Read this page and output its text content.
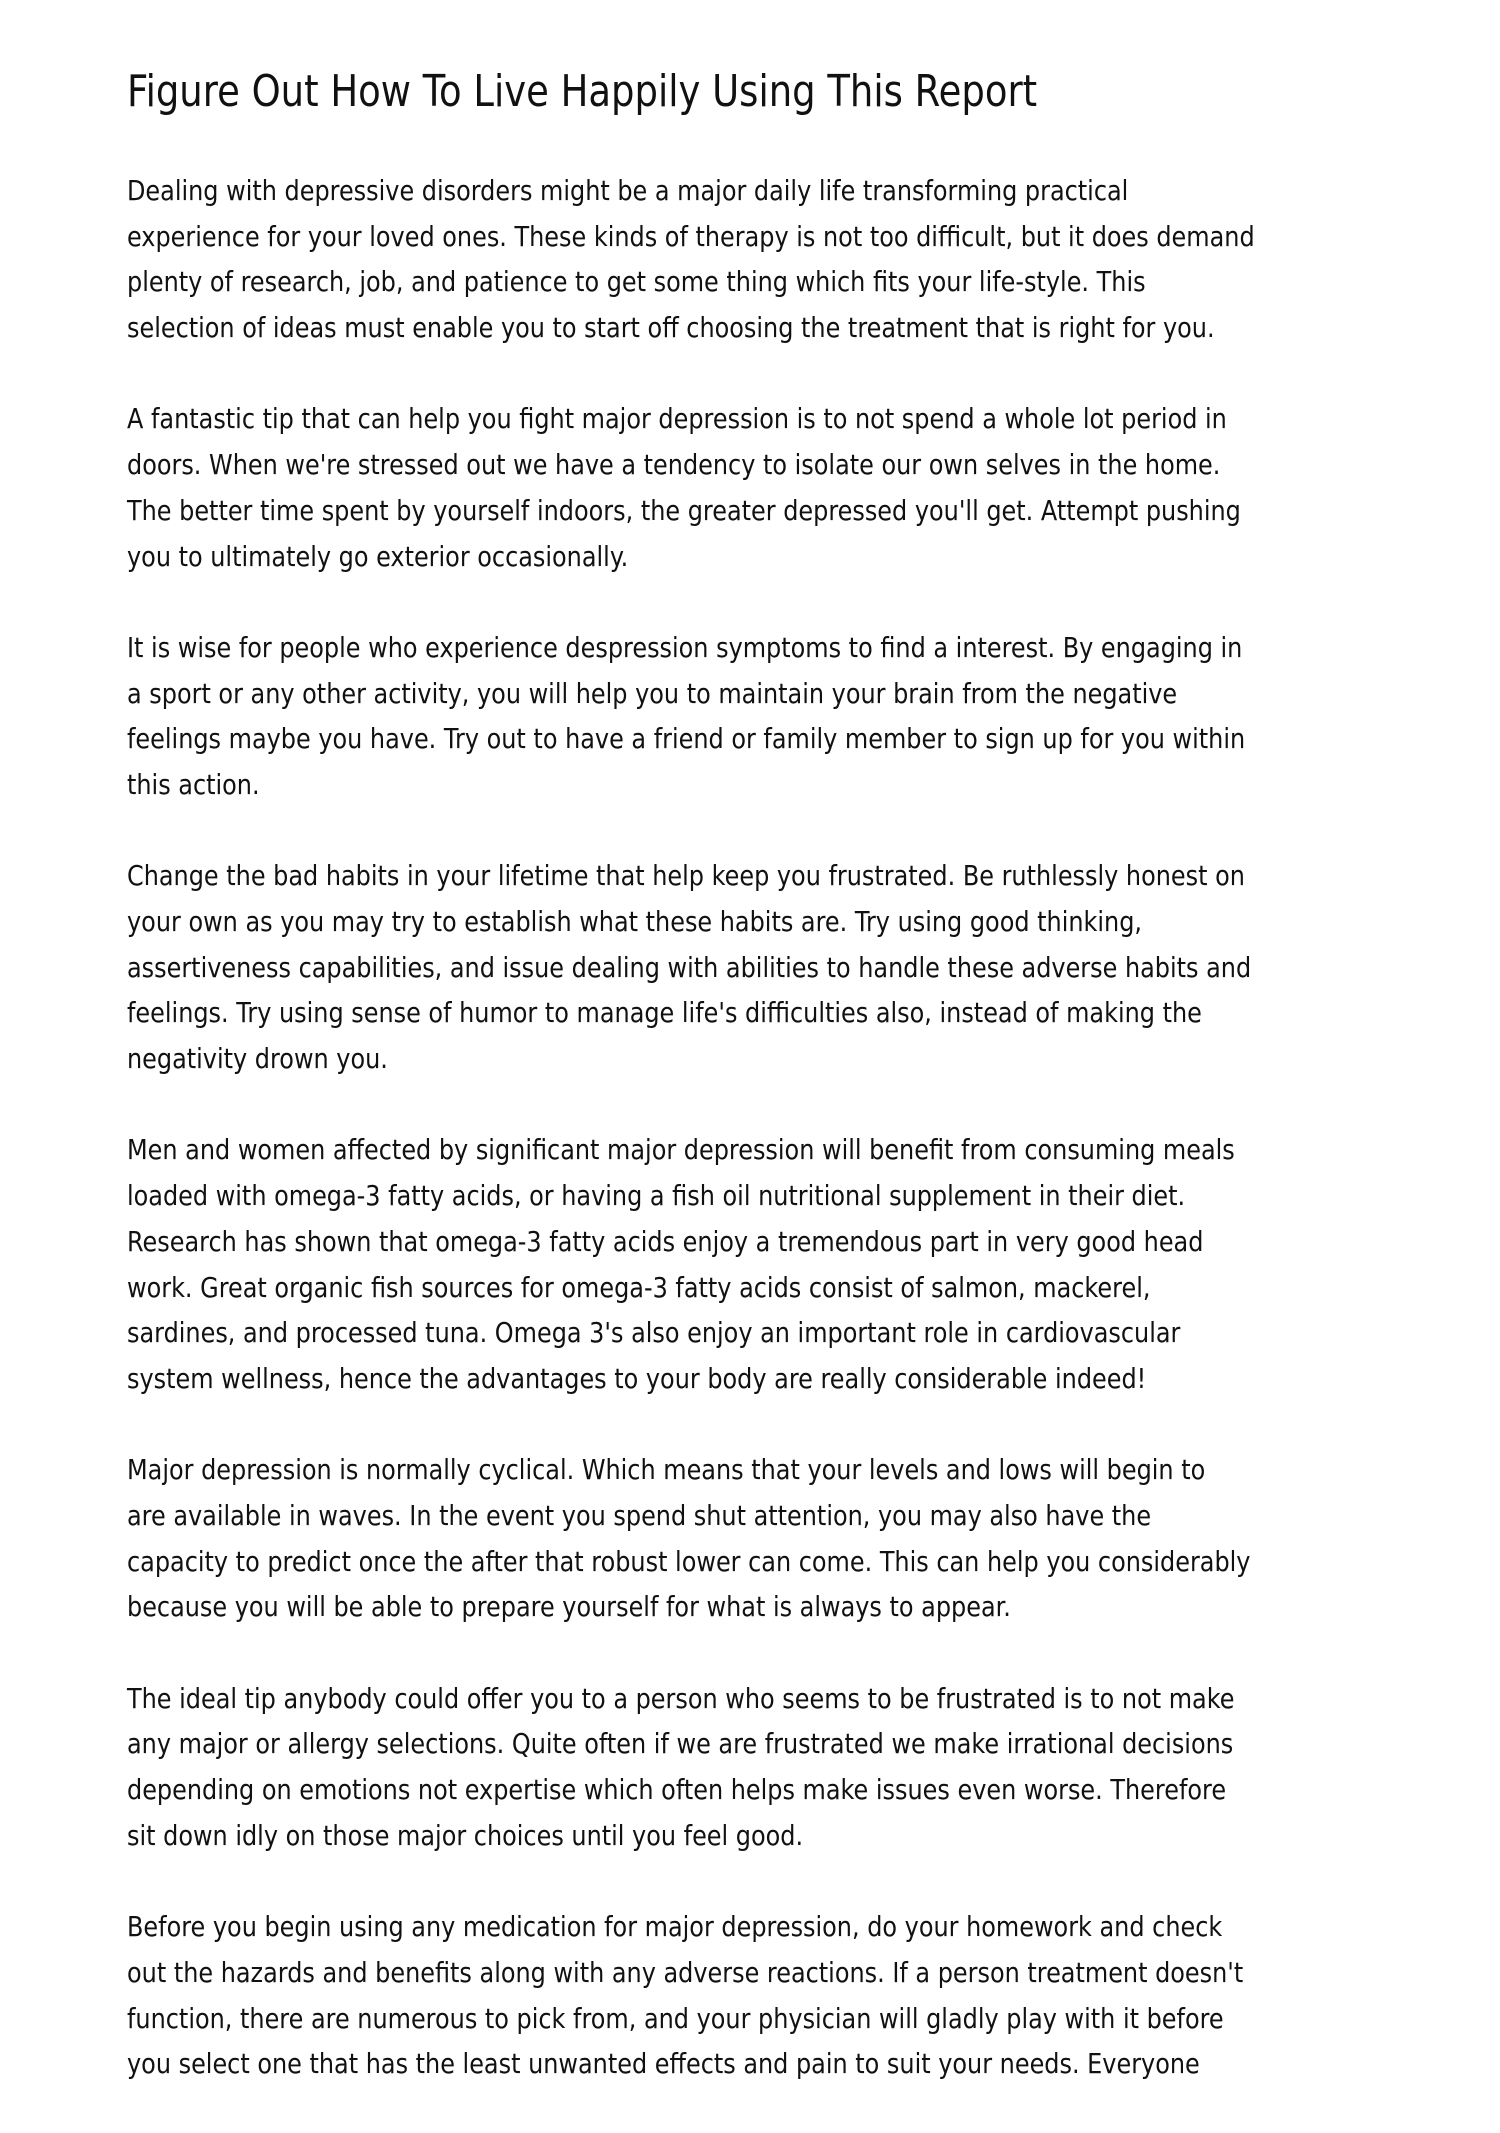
Figure Out How To Live Happily Using This Report
Dealing with depressive disorders might be a major daily life transforming practical
experience for your loved ones. These kinds of therapy is not too difficult, but it does demand
plenty of research, job, and patience to get some thing which fits your life-style. This
selection of ideas must enable you to start off choosing the treatment that is right for you.
A fantastic tip that can help you fight major depression is to not spend a whole lot period in
doors. When we're stressed out we have a tendency to isolate our own selves in the home.
The better time spent by yourself indoors, the greater depressed you'll get. Attempt pushing
you to ultimately go exterior occasionally.
It is wise for people who experience despression symptoms to find a interest. By engaging in
a sport or any other activity, you will help you to maintain your brain from the negative
feelings maybe you have. Try out to have a friend or family member to sign up for you within
this action.
Change the bad habits in your lifetime that help keep you frustrated. Be ruthlessly honest on
your own as you may try to establish what these habits are. Try using good thinking,
assertiveness capabilities, and issue dealing with abilities to handle these adverse habits and
feelings. Try using sense of humor to manage life's difficulties also, instead of making the
negativity drown you.
Men and women affected by significant major depression will benefit from consuming meals
loaded with omega-3 fatty acids, or having a fish oil nutritional supplement in their diet.
Research has shown that omega-3 fatty acids enjoy a tremendous part in very good head
work. Great organic fish sources for omega-3 fatty acids consist of salmon, mackerel,
sardines, and processed tuna. Omega 3's also enjoy an important role in cardiovascular
system wellness, hence the advantages to your body are really considerable indeed!
Major depression is normally cyclical. Which means that your levels and lows will begin to
are available in waves. In the event you spend shut attention, you may also have the
capacity to predict once the after that robust lower can come. This can help you considerably
because you will be able to prepare yourself for what is always to appear.
The ideal tip anybody could offer you to a person who seems to be frustrated is to not make
any major or allergy selections. Quite often if we are frustrated we make irrational decisions
depending on emotions not expertise which often helps make issues even worse. Therefore
sit down idly on those major choices until you feel good.
Before you begin using any medication for major depression, do your homework and check
out the hazards and benefits along with any adverse reactions. If a person treatment doesn't
function, there are numerous to pick from, and your physician will gladly play with it before
you select one that has the least unwanted effects and pain to suit your needs. Everyone
